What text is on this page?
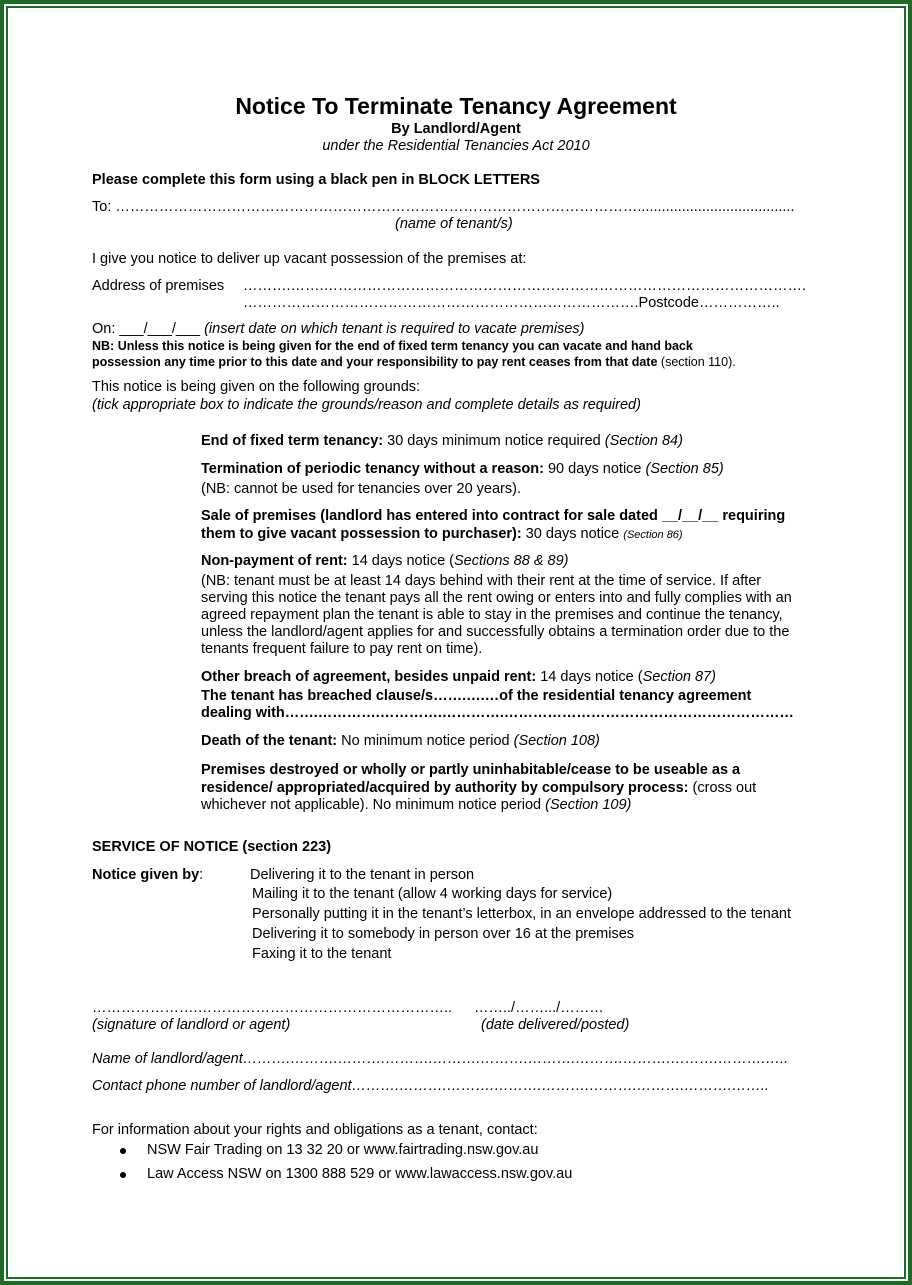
Notice To Terminate Tenancy Agreement
By Landlord/Agent
under the Residential Tenancies Act 2010
Please complete this form using a black pen in BLOCK LETTERS
To: ……………………………………………………………………………………………….......................................
(name of tenant/s)
I give you notice to deliver up vacant possession of the premises at:
Address of premises ……….…….……………………………………………………………………………………….
……………………………………………………………………….Postcode……………..
On: ___/___/___ (insert date on which tenant is required to vacate premises)
NB: Unless this notice is being given for the end of fixed term tenancy you can vacate and hand back
possession any time prior to this date and your responsibility to pay rent ceases from that date (section 110).
This notice is being given on the following grounds:
(tick appropriate box to indicate the grounds/reason and complete details as required)
End of fixed term tenancy: 30 days minimum notice required (Section 84)
Termination of periodic tenancy without a reason: 90 days notice (Section 85)
(NB: cannot be used for tenancies over 20 years).
Sale of premises (landlord has entered into contract for sale dated __/__/__ requiring
them to give vacant possession to purchaser): 30 days notice (Section 86)
Non-payment of rent: 14 days notice (Sections 88 & 89)
(NB: tenant must be at least 14 days behind with their rent at the time of service. If after
serving this notice the tenant pays all the rent owing or enters into and fully complies with an
agreed repayment plan the tenant is able to stay in the premises and continue the tenancy,
unless the landlord/agent applies for and successfully obtains a termination order due to the
tenants frequent failure to pay rent on time).
Other breach of agreement, besides unpaid rent: 14 days notice (Section 87)
The tenant has breached clause/s…….….…of the residential tenancy agreement
dealing with…….………….………….………….……………………………………………………
Death of the tenant: No minimum notice period (Section 108)
Premises destroyed or wholly or partly uninhabitable/cease to be useable as a
residence/ appropriated/acquired by authority by compulsory process: (cross out
whichever not applicable). No minimum notice period (Section 109)
SERVICE OF NOTICE (section 223)
Notice given by:	Delivering it to the tenant in person
Mailing it to the tenant (allow 4 working days for service)
Personally putting it in the tenant’s letterbox, in an envelope addressed to the tenant
Delivering it to somebody in person over 16 at the premises
Faxing it to the tenant
………………….…………………………………………….. ……../…….../………
(signature of landlord or agent)	(date delivered/posted)
Name of landlord/agent……….……….……….……….……….……….……….……….……….……….……….…..
Contact phone number of landlord/agent……….……….……….……….……….……….……….……….……..
For information about your rights and obligations as a tenant, contact:
NSW Fair Trading on 13 32 20 or www.fairtrading.nsw.gov.au
Law Access NSW on 1300 888 529 or www.lawaccess.nsw.gov.au
